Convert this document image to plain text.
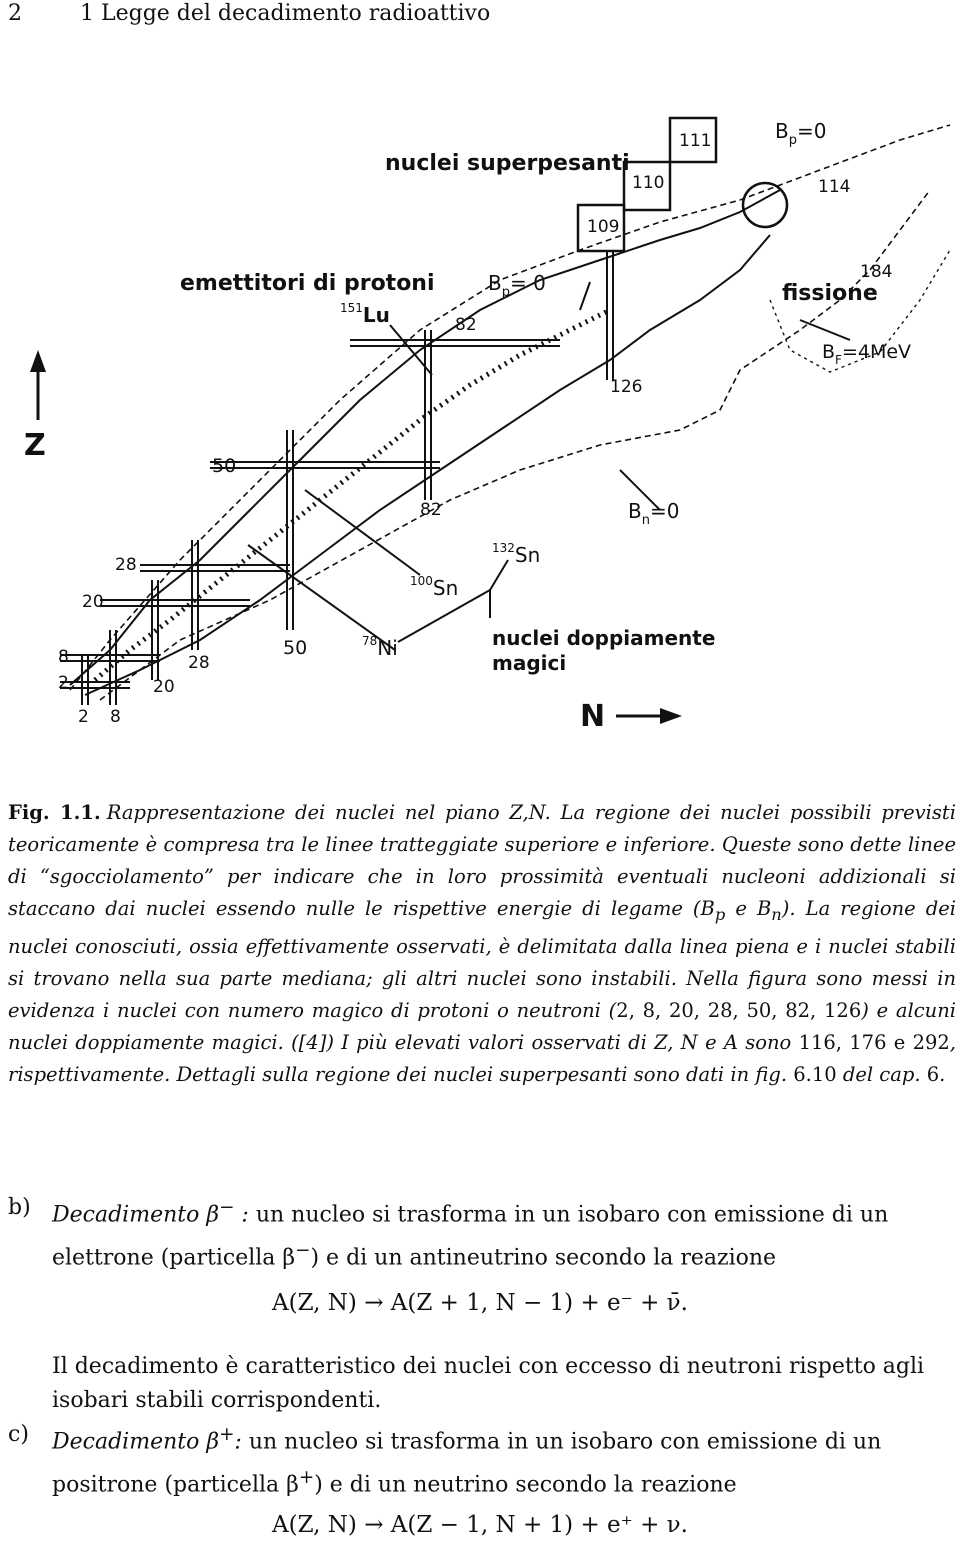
2	1 Legge del decadimento radioattivo
Z
N
111
110
109
nuclei superpesanti
emettitori di protoni	fissione
nuclei doppiamente
magici
$B_p=0$
$B_p= 0$
$B_F=4MeV$
$B_n=0$
$^{151}$Lu
$^{132}$Sn
$^{100}$Sn
$^{78}$Ni
114
184
126
82
82
50
50
28
28
20
20
8
8
2
2
Fig. 1.1. Rappresentazione dei nuclei nel piano Z,N. La regione dei nuclei possibili previsti teoricamente è compresa tra le linee tratteggiate superiore e inferiore. Queste sono dette linee di “sgocciolamento” per indicare che in loro prossimità eventuali nucleoni addizionali si staccano dai nuclei essendo nulle le rispettive energie di legame ($B_p$ e $B_n$). La regione dei nuclei conosciuti, ossia effettivamente osservati, è delimitata dalla linea piena e i nuclei stabili si trovano nella sua parte mediana; gli altri nuclei sono instabili. Nella figura sono messi in evidenza i nuclei con numero magico di protoni o neutroni (2, 8, 20, 28, 50, 82, 126) e alcuni nuclei doppiamente magici. ([4]) I più elevati valori osservati di Z, N e A sono 116, 176 e 292, rispettivamente. Dettagli sulla regione dei nuclei superpesanti sono dati in fig. 6.10 del cap. 6.
b) Decadimento β− : un nucleo si trasforma in un isobaro con emissione di un elettrone (particella β−) e di un antineutrino secondo la reazione
A(Z, N) → A(Z + 1, N − 1) + e⁻ + ν̄.
Il decadimento è caratteristico dei nuclei con eccesso di neutroni rispetto agli isobari stabili corrispondenti.
c) Decadimento β+: un nucleo si trasforma in un isobaro con emissione di un positrone (particella β+) e di un neutrino secondo la reazione
A(Z, N) → A(Z − 1, N + 1) + e⁺ + ν.
